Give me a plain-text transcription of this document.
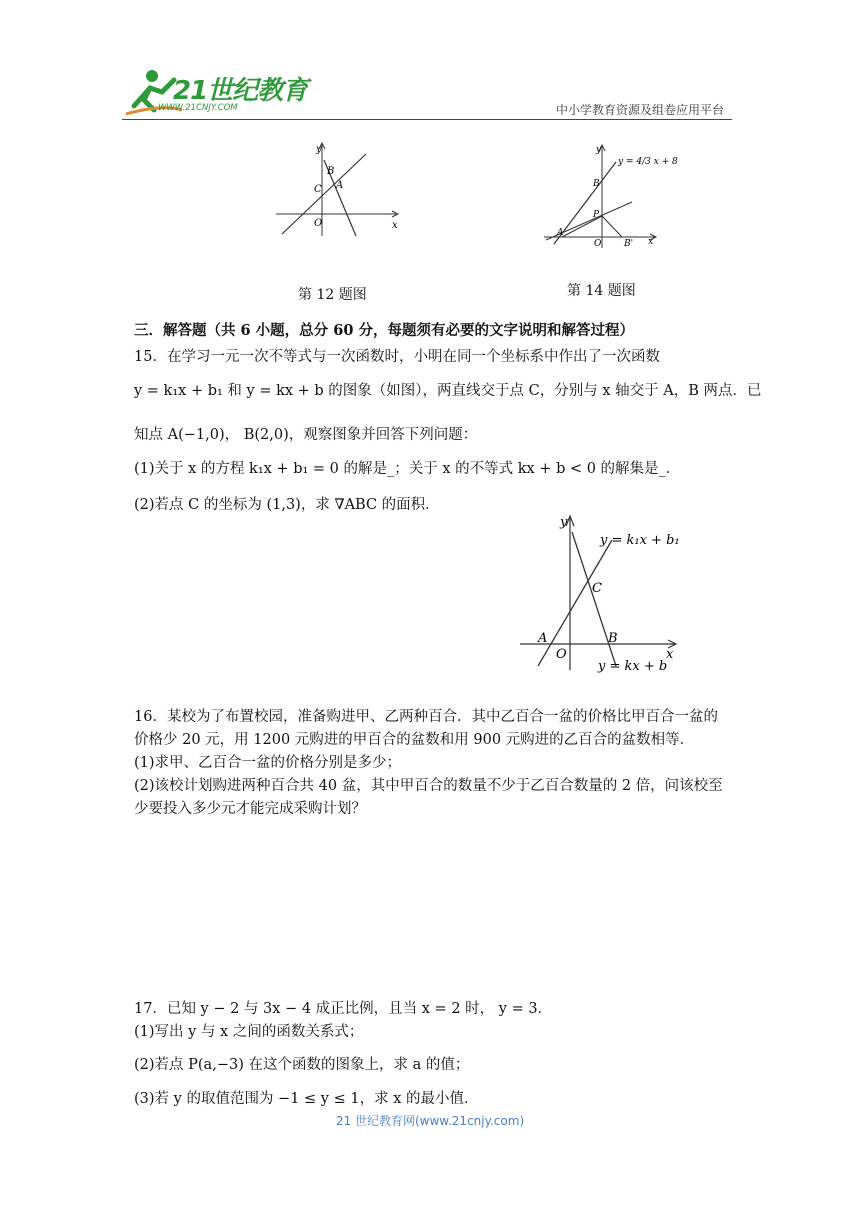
21世纪教育
WWW.21CNJY.COM	中小学教育资源及组卷应用平台
y
x
B
C A
O
第 12 题图
y
x
y = 4/3 x + 8
B
P
A
O	B'
第 14 题图
三．解答题（共 6 小题，总分 60 分，每题须有必要的文字说明和解答过程）
15．在学习一元一次不等式与一次函数时，小明在同一个坐标系中作出了一次函数
y = k₁x + b₁ 和 y = kx + b 的图象（如图），两直线交于点 C，分别与 x 轴交于 A，B 两点．已
知点 A(−1,0)， B(2,0)，观察图象并回答下列问题：
(1)关于 x 的方程 k₁x + b₁ = 0 的解是_；关于 x 的不等式 kx + b < 0 的解集是_．
(2)若点 C 的坐标为 (1,3)，求 ∇ABC 的面积．
y
x
y = k₁x + b₁
C
A	B
O
y = kx + b
16．某校为了布置校园，准备购进甲、乙两种百合．其中乙百合一盆的价格比甲百合一盆的
价格少 20 元，用 1200 元购进的甲百合的盆数和用 900 元购进的乙百合的盆数相等．
(1)求甲、乙百合一盆的价格分别是多少；
(2)该校计划购进两种百合共 40 盆，其中甲百合的数量不少于乙百合数量的 2 倍，问该校至
少要投入多少元才能完成采购计划？
17．已知 y − 2 与 3x − 4 成正比例，且当 x = 2 时， y = 3．
(1)写出 y 与 x 之间的函数关系式；
(2)若点 P(a,−3) 在这个函数的图象上，求 a 的值；
(3)若 y 的取值范围为 −1 ≤ y ≤ 1，求 x 的最小值．
21 世纪教育网(www.21cnjy.com)
